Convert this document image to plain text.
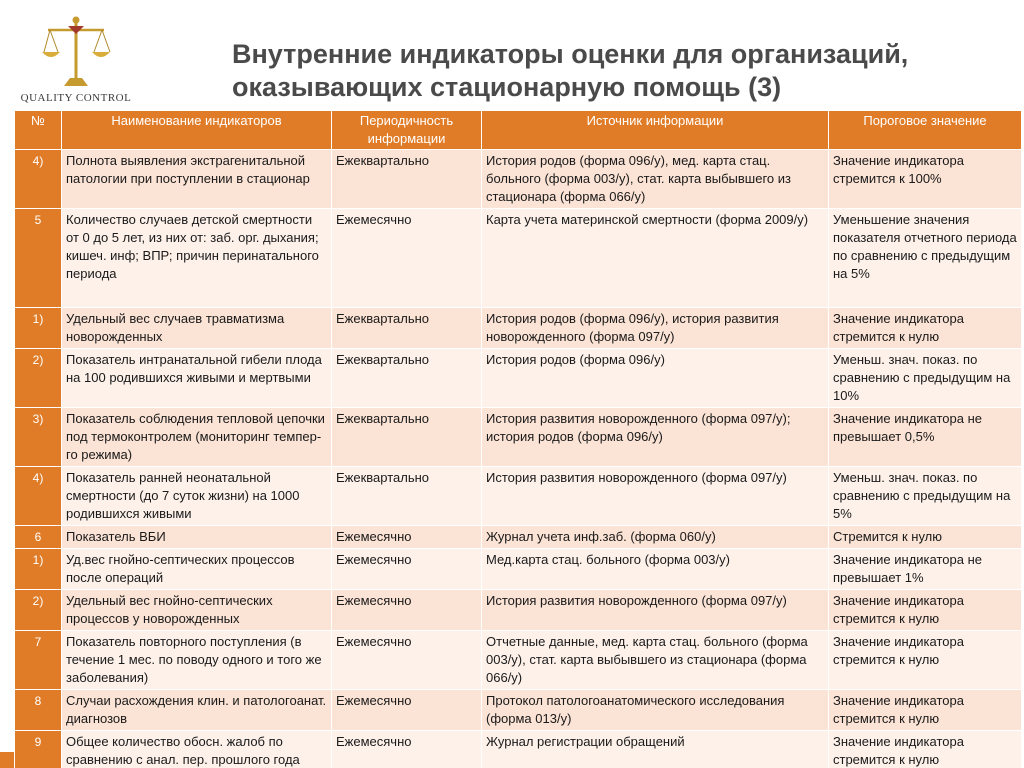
QUALITY CONTROL
Внутренние индикаторы оценки для организаций, оказывающих стационарную помощь (3)
№	Наименование индикаторов	Периодичность информации	Источник информации	Пороговое значение
4)	Полнота выявления экстрагенитальной патологии при поступлении в стационар	Ежеквартально	История родов (форма 096/у), мед. карта стац. больного (форма 003/у), стат. карта выбывшего из стационара (форма 066/у)	Значение индикатора стремится к 100%
5	Количество случаев детской смертности от 0 до 5 лет, из них от: заб. орг. дыхания; кишеч. инф; ВПР; причин перинатального периода	Ежемесячно	Карта учета материнской смертности (форма 2009/у)	Уменьшение значения показателя отчетного периода по сравнению с предыдущим на 5%
1)	Удельный вес случаев травматизма новорожденных	Ежеквартально	История родов (форма 096/у), история развития новорожденного (форма 097/у)	Значение индикатора стремится к нулю
2)	Показатель интранатальной гибели плода на 100 родившихся живыми и мертвыми	Ежеквартально	История родов (форма 096/у)	Уменьш. знач. показ. по сравнению с предыдущим на 10%
3)	Показатель соблюдения тепловой цепочки под термоконтролем (мониторинг темпер-го режима)	Ежеквартально	История развития новорожденного (форма 097/у); история родов (форма 096/у)	Значение индикатора не превышает 0,5%
4)	Показатель ранней неонатальной смертности (до 7 суток жизни) на 1000 родившихся живыми	Ежеквартально	История развития новорожденного (форма 097/у)	Уменьш. знач. показ. по сравнению с предыдущим на 5%
6	Показатель ВБИ	Ежемесячно	Журнал учета инф.заб. (форма 060/у)	Стремится к нулю
1)	Уд.вес гнойно-септических процессов после операций	Ежемесячно	Мед.карта стац. больного (форма 003/у)	Значение индикатора не превышает 1%
2)	Удельный вес гнойно-септических процессов у новорожденных	Ежемесячно	История развития новорожденного (форма 097/у)	Значение индикатора стремится к нулю
7	Показатель повторного поступления (в течение 1 мес. по поводу одного и того же заболевания)	Ежемесячно	Отчетные данные, мед. карта стац. больного (форма 003/у), стат. карта выбывшего из стационара (форма 066/у)	Значение индикатора стремится к нулю
8	Случаи расхождения клин. и патологоанат. диагнозов	Ежемесячно	Протокол патологоанатомического исследования (форма 013/у)	Значение индикатора стремится к нулю
9	Общее количество обосн. жалоб по сравнению с анал. пер. прошлого года	Ежемесячно	Журнал регистрации обращений	Значение индикатора стремится к нулю
